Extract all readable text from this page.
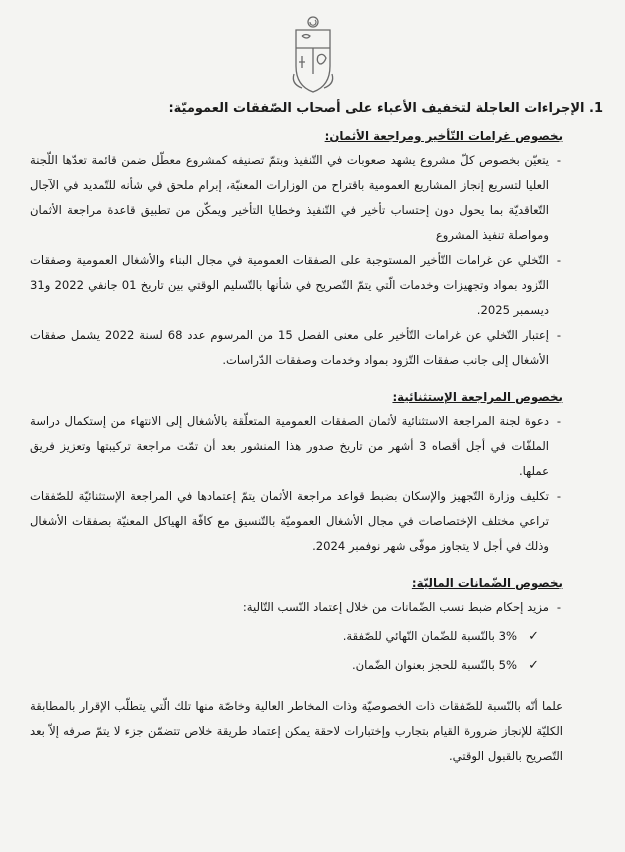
1. الإجراءات العاجلة لتخفيف الأعباء على أصحاب الصّفقات العموميّة:

بخصوص غرامات التّأخير ومراجعة الأثمان:

- يتعيّن بخصوص كلّ مشروع يشهد صعوبات في التّنفيذ وبتمّ تصنيفه كمشروع معطّل ضمن قائمة تعدّها اللّجنة العليا لتسريع إنجاز المشاريع العمومية باقتراح من الوزارات المعنيّة، إبرام ملحق في شأنه للتّمديد في الآجال التّعاقديّة بما يحول دون إحتساب تأخير في التّنفيذ وخطايا التأخير ويمكّن من تطبيق قاعدة مراجعة الأثمان ومواصلة تنفيذ المشروع
- التّخلي عن غرامات التّأخير المستوجبة على الصفقات العمومية في مجال البناء والأشغال العمومية وصفقات التّزود بمواد وتجهيزات وخدمات الّتي يتمّ التّصريح في شأنها بالتّسليم الوقتي بين تاريخ 01 جانفي 2022 و31 ديسمبر 2025.
- إعتبار التّخلي عن غرامات التّأخير على معنى الفصل 15 من المرسوم عدد 68 لسنة 2022 يشمل صفقات الأشغال إلى جانب صفقات التّزود بمواد وخدمات وصفقات الدّراسات.

بخصوص المراجعة الإستثنائية:

- دعوة لجنة المراجعة الاستثنائية لأثمان الصفقات العمومية المتعلّقة بالأشغال إلى الانتهاء من إستكمال دراسة الملفّات في أجل أقصاه 3 أشهر من تاريخ صدور هذا المنشور بعد أن تمّت مراجعة تركيبتها وتعزيز فريق عملها.
- تكليف وزارة التّجهيز والإسكان بضبط قواعد مراجعة الأثمان يتمّ إعتمادها في المراجعة الإستثنائيّة للصّفقات تراعي مختلف الإختصاصات في مجال الأشغال العموميّة بالتّنسيق مع كافّة الهياكل المعنيّة بصفقات الأشغال وذلك في أجل لا يتجاوز موفّى شهر نوفمبر 2024.

بخصوص الضّمانات الماليّة:

- مزيد إحكام ضبط نسب الضّمانات من خلال إعتماد النّسب التّالية:
✓
3% بالنّسبة للضّمان النّهائي للصّفقة.
✓
5% بالنّسبة للحجز بعنوان الضّمان.

علما أنّه بالنّسبة للصّفقات ذات الخصوصيّة وذات المخاطر العالية وخاصّة منها تلك الّتي يتطلّب الإقرار بالمطابقة الكليّة للإنجاز ضرورة القيام بتجارب وإختبارات لاحقة يمكن إعتماد طريقة خلاص تتضمّن جزء لا يتمّ صرفه إلاّ بعد التّصريح بالقبول الوقتي.
